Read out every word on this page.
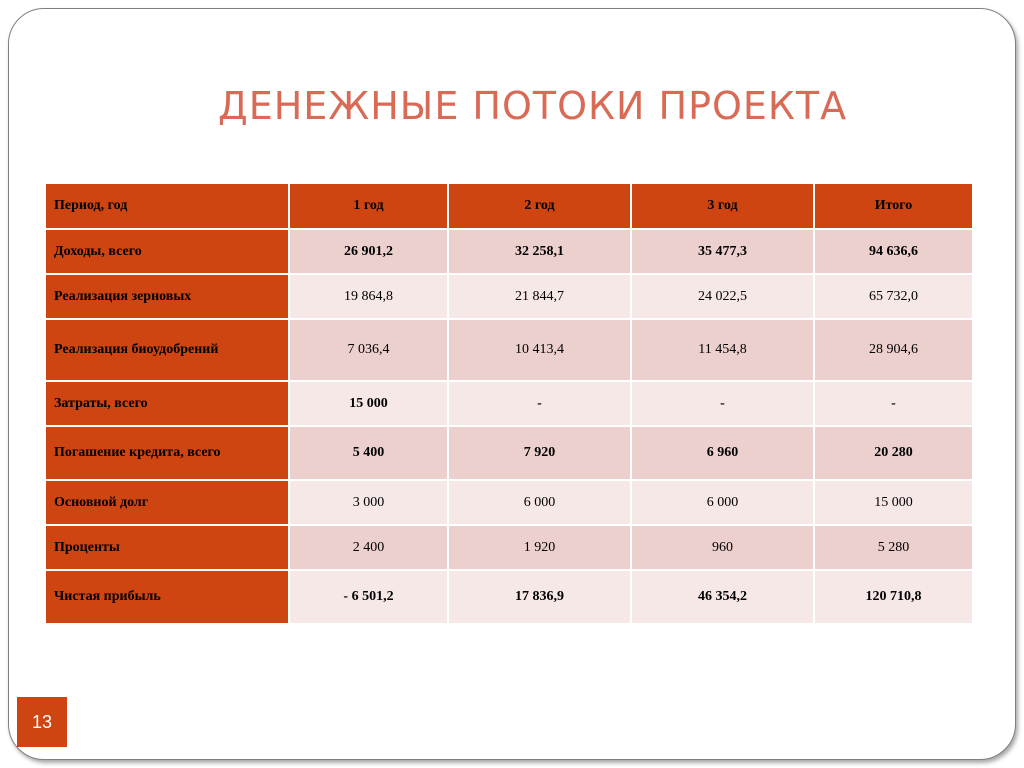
ДЕНЕЖНЫЕ ПОТОКИ ПРОЕКТА
Период, год	1 год	2 год	3 год	Итого
Доходы, всего	26 901,2	32 258,1	35 477,3	94 636,6
Реализация зерновых	19 864,8	21 844,7	24 022,5	65 732,0
Реализация биоудобрений	7 036,4	10 413,4	11 454,8	28 904,6
Затраты, всего	15 000	-	-	-
Погашение кредита, всего	5 400	7 920	6 960	20 280
Основной долг	3 000	6 000	6 000	15 000
Проценты	2 400	1 920	960	5 280
Чистая прибыль	- 6 501,2	17 836,9	46 354,2	120 710,8
13
